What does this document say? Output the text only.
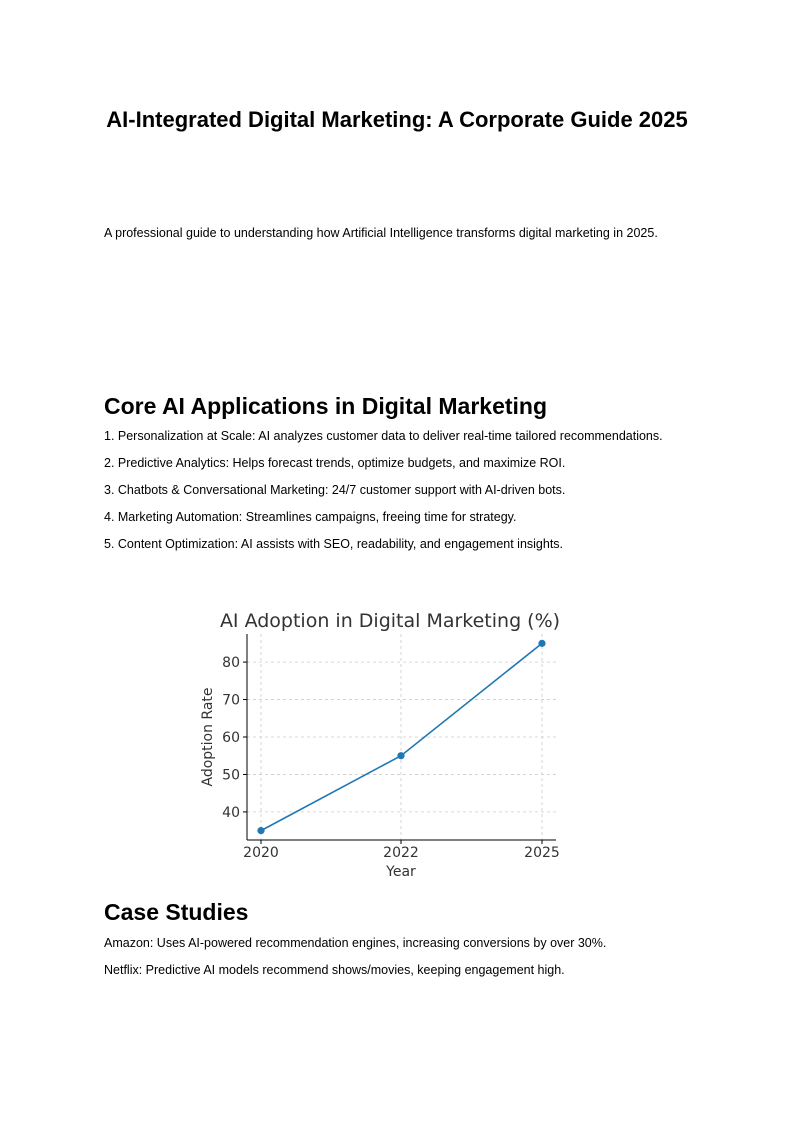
AI-Integrated Digital Marketing: A Corporate Guide 2025

A professional guide to understanding how Artificial Intelligence transforms digital marketing in 2025.

Core AI Applications in Digital Marketing
1. Personalization at Scale: AI analyzes customer data to deliver real-time tailored recommendations.
2. Predictive Analytics: Helps forecast trends, optimize budgets, and maximize ROI.
3. Chatbots & Conversational Marketing: 24/7 customer support with AI-driven bots.
4. Marketing Automation: Streamlines campaigns, freeing time for strategy.
5. Content Optimization: AI assists with SEO, readability, and engagement insights.
40
50
60
70
80
2020	2022	2025
AI Adoption in Digital Marketing (%)
Adoption Rate
Year
Case Studies
Amazon: Uses AI-powered recommendation engines, increasing conversions by over 30%.
Netflix: Predictive AI models recommend shows/movies, keeping engagement high.
